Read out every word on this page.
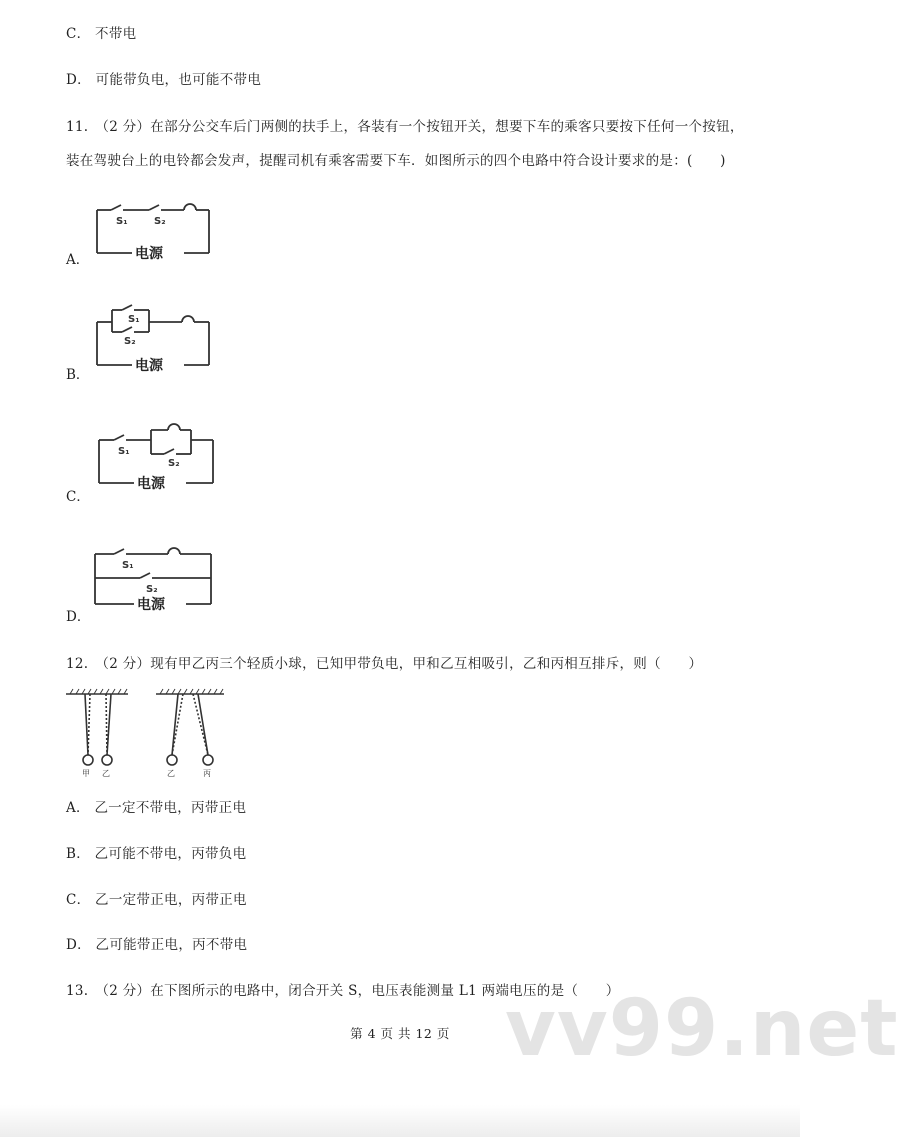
C． 不带电
D． 可能带负电，也可能不带电
11.　（2 分）在部分公交车后门两侧的扶手上，各装有一个按钮开关，想要下车的乘客只要按下任何一个按钮，
装在驾驶台上的电铃都会发声，提醒司机有乘客需要下车．如图所示的四个电路中符合设计要求的是：(　　)
A．
S₁	S₂
电源
B．
S₁
S₂
电源
C．
S₁
S₂
电源
D．
S₁
S₂
电源
12.　（2 分）现有甲乙丙三个轻质小球，已知甲带负电，甲和乙互相吸引，乙和丙相互排斥，则（　　）
甲 乙	乙	丙
A． 乙一定不带电，丙带正电
B． 乙可能不带电，丙带负电
C． 乙一定带正电，丙带正电
D． 乙可能带正电，丙不带电
13.　（2 分）在下图所示的电路中，闭合开关 S，电压表能测量 L1 两端电压的是（　　）
vv99.net
第 4 页 共 12 页
